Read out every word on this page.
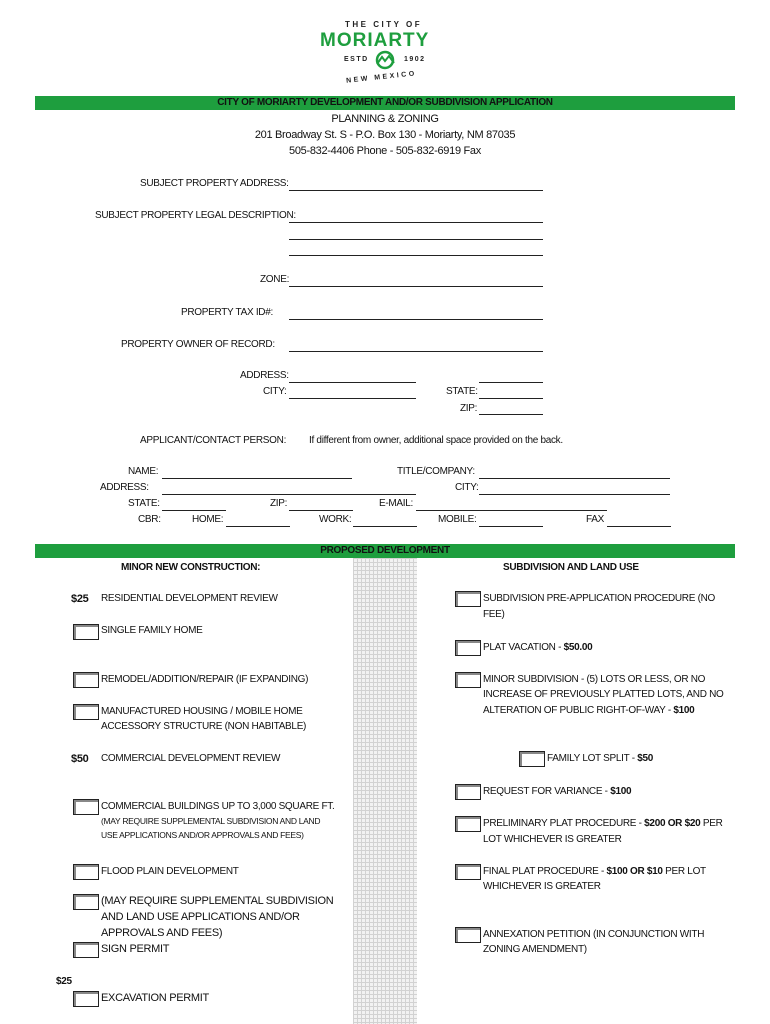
THE CITY OF
MORIARTY
ESTD	1902
NEW MEXICO
CITY OF MORIARTY DEVELOPMENT AND/OR SUBDIVISION APPLICATION
PLANNING & ZONING
201 Broadway St. S - P.O. Box 130 - Moriarty, NM 87035
505-832-4406 Phone - 505-832-6919 Fax
SUBJECT PROPERTY ADDRESS:
SUBJECT PROPERTY LEGAL DESCRIPTION:
ZONE:
PROPERTY TAX ID#:
PROPERTY OWNER OF RECORD:
ADDRESS:
CITY:	STATE:
ZIP:
APPLICANT/CONTACT PERSON: If different from owner, additional space provided on the back.
NAME:	TITLE/COMPANY:
ADDRESS:	CITY:
STATE:	ZIP:	E-MAIL:
CBR:	HOME:	WORK:	MOBILE:	FAX
PROPOSED DEVELOPMENT
MINOR NEW CONSTRUCTION:	SUBDIVISION AND LAND USE
$25 RESIDENTIAL DEVELOPMENT REVIEW
SINGLE FAMILY HOME
REMODEL/ADDITION/REPAIR (IF EXPANDING)
MANUFACTURED HOUSING / MOBILE HOME
ACCESSORY STRUCTURE (NON HABITABLE)
$50 COMMERCIAL DEVELOPMENT REVIEW
COMMERCIAL BUILDINGS UP TO 3,000 SQUARE FT.
(MAY REQUIRE SUPPLEMENTAL SUBDIVISION AND LAND
USE APPLICATIONS AND/OR APPROVALS AND FEES)
FLOOD PLAIN DEVELOPMENT
(MAY REQUIRE SUPPLEMENTAL SUBDIVISION
AND LAND USE APPLICATIONS AND/OR
APPROVALS AND FEES)
SIGN PERMIT
$25
EXCAVATION PERMIT
SUBDIVISION PRE-APPLICATION PROCEDURE (NO
FEE)
PLAT VACATION - $50.00
MINOR SUBDIVISION - (5) LOTS OR LESS, OR NO
INCREASE OF PREVIOUSLY PLATTED LOTS, AND NO
ALTERATION OF PUBLIC RIGHT-OF-WAY - $100
FAMILY LOT SPLIT - $50
REQUEST FOR VARIANCE - $100
PRELIMINARY PLAT PROCEDURE - $200 OR $20 PER
LOT WHICHEVER IS GREATER
FINAL PLAT PROCEDURE - $100 OR $10 PER LOT
WHICHEVER IS GREATER
ANNEXATION PETITION (IN CONJUNCTION WITH
ZONING AMENDMENT)
